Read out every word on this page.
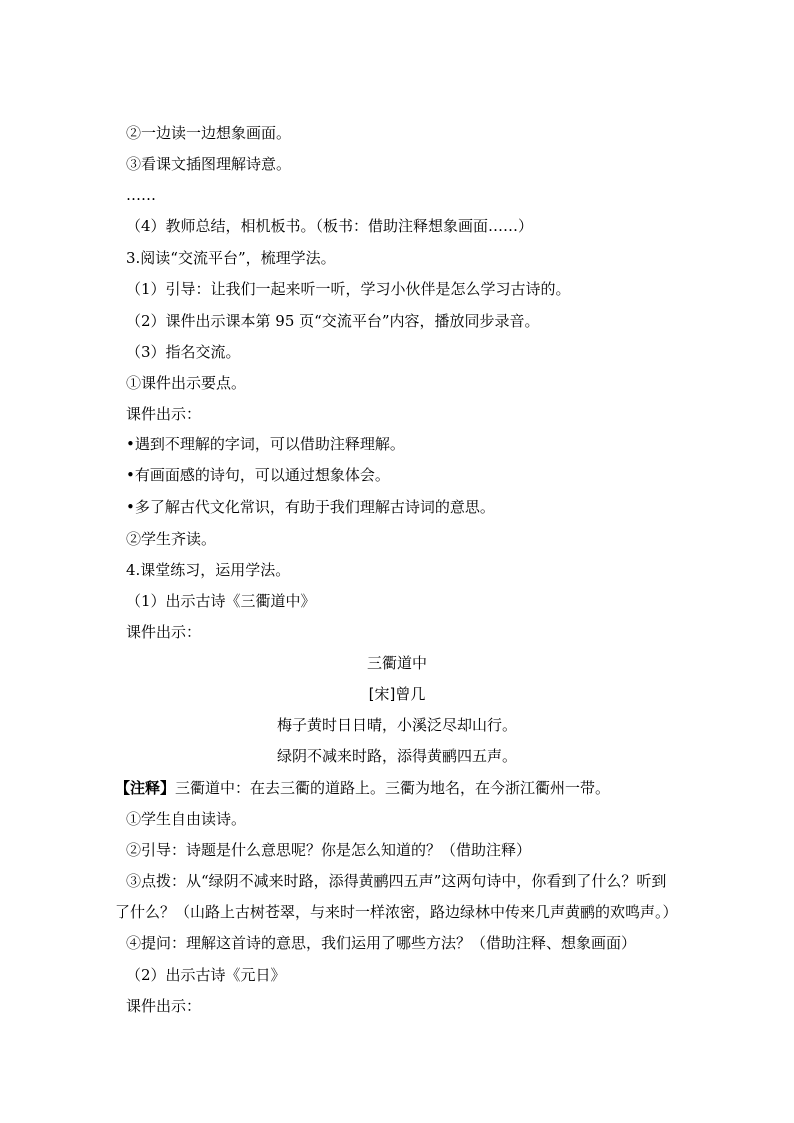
②一边读一边想象画面。
③看课文插图理解诗意。
……
（4）教师总结，相机板书。（板书：借助注释想象画面……）
3.阅读“交流平台”，梳理学法。
（1）引导：让我们一起来听一听，学习小伙伴是怎么学习古诗的。
（2）课件出示课本第 95 页“交流平台”内容，播放同步录音。
（3）指名交流。
①课件出示要点。
课件出示：
•遇到不理解的字词，可以借助注释理解。
•有画面感的诗句，可以通过想象体会。
•多了解古代文化常识，有助于我们理解古诗词的意思。
②学生齐读。
4.课堂练习，运用学法。
（1）出示古诗《三衢道中》
课件出示：
三衢道中
[宋]曾几
梅子黄时日日晴，小溪泛尽却山行。
绿阴不减来时路，添得黄鹂四五声。
【注释】三衢道中：在去三衢的道路上。三衢为地名，在今浙江衢州一带。
①学生自由读诗。
②引导：诗题是什么意思呢？你是怎么知道的？（借助注释）
③点拨：从“绿阴不减来时路，添得黄鹂四五声”这两句诗中，你看到了什么？听到
了什么？（山路上古树苍翠，与来时一样浓密，路边绿林中传来几声黄鹂的欢鸣声。）
④提问：理解这首诗的意思，我们运用了哪些方法？（借助注释、想象画面）
（2）出示古诗《元日》
课件出示：
